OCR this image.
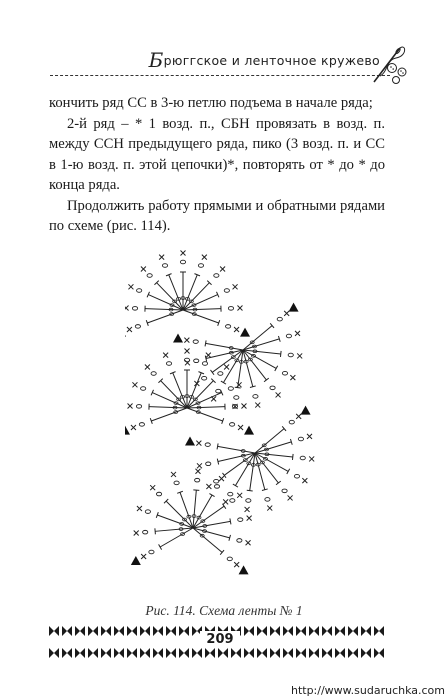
Брюггское и ленточное кружево

кончить ряд СС в 3-ю петлю подъема в начале ряда;

2-й ряд – * 1 возд. п., СБН провязать в возд. п. между ССН предыдущего ряда, пико (3 возд. п. и СС в 1-ю возд. п. этой цепочки)*, повторять от * до * до конца ряда.

Продолжить работу прямыми и обратными рядами по схеме (рис. 114).

Рис. 114. Схема ленты № 1
209
http://www.sudaruchka.com
